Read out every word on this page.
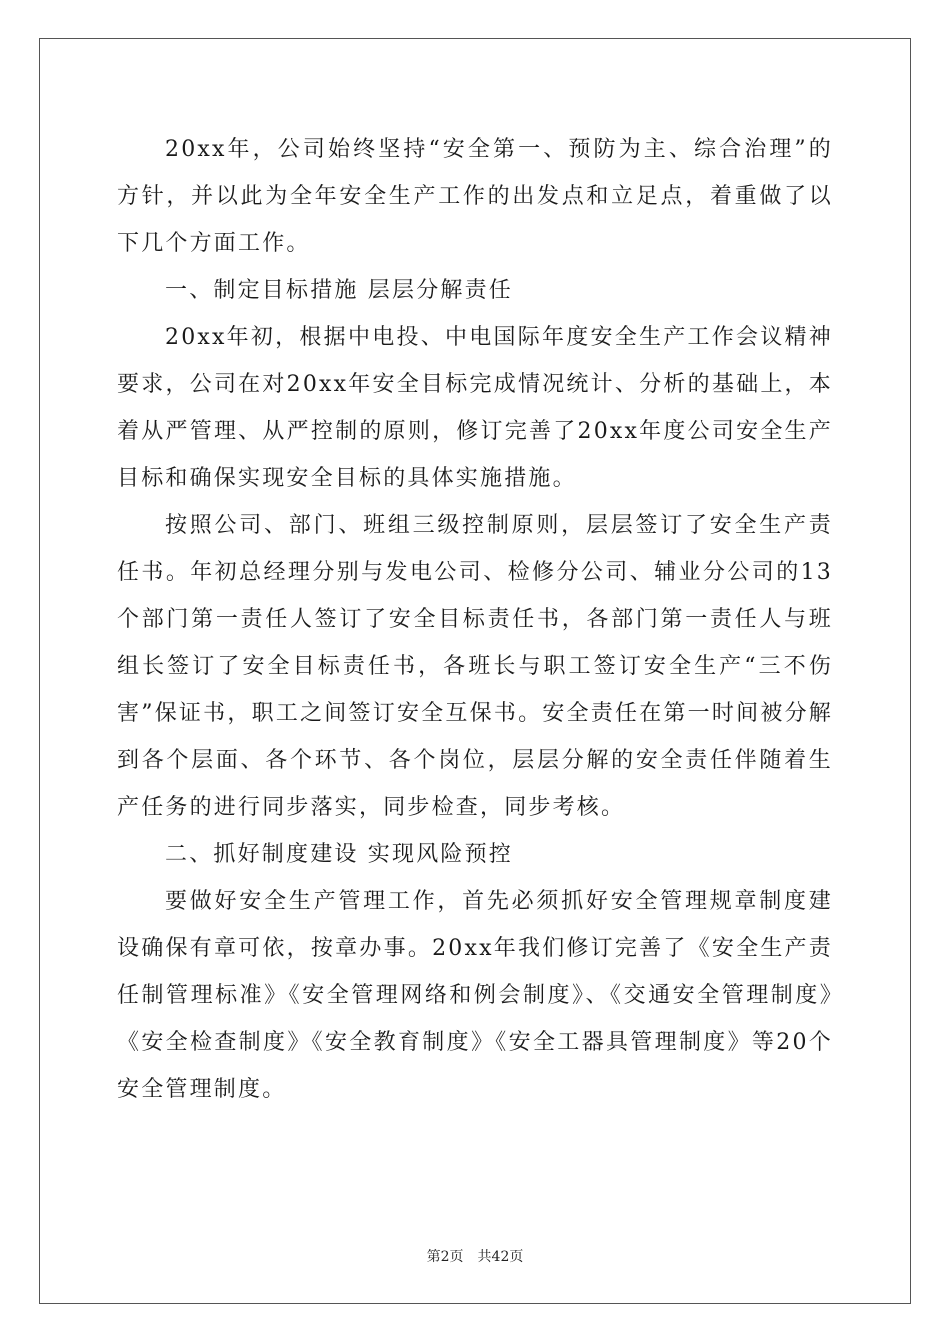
20xx年，公司始终坚持“安全第一、预防为主、综合治理”的方针，并以此为全年安全生产工作的出发点和立足点，着重做了以下几个方面工作。

一、制定目标措施 层层分解责任

20xx年初，根据中电投、中电国际年度安全生产工作会议精神要求，公司在对20xx年安全目标完成情况统计、分析的基础上，本着从严管理、从严控制的原则，修订完善了20xx年度公司安全生产目标和确保实现安全目标的具体实施措施。

按照公司、部门、班组三级控制原则，层层签订了安全生产责任书。年初总经理分别与发电公司、检修分公司、辅业分公司的13个部门第一责任人签订了安全目标责任书，各部门第一责任人与班组长签订了安全目标责任书，各班长与职工签订安全生产“三不伤害”保证书，职工之间签订安全互保书。安全责任在第一时间被分解到各个层面、各个环节、各个岗位，层层分解的安全责任伴随着生产任务的进行同步落实，同步检查，同步考核。

二、抓好制度建设 实现风险预控

要做好安全生产管理工作，首先必须抓好安全管理规章制度建设确保有章可依，按章办事。20xx年我们修订完善了《安全生产责任制管理标准》《安全管理网络和例会制度》、《交通安全管理制度》《安全检查制度》《安全教育制度》《安全工器具管理制度》等20个安全管理制度。

第2页 共42页
